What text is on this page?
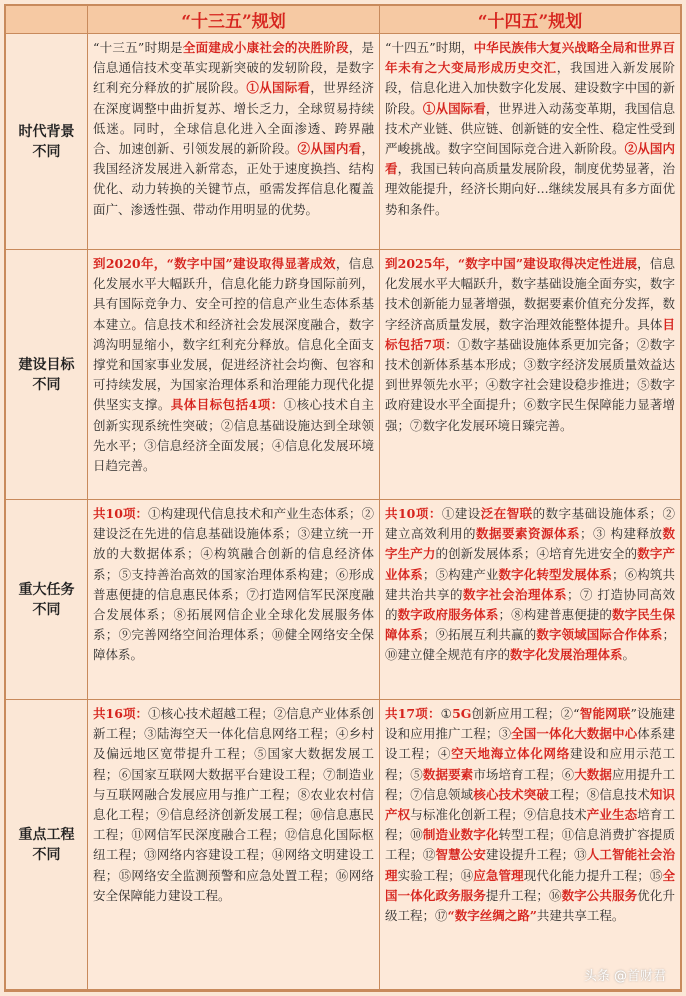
“十三五”规划	“十四五”规划
时代背景
不同
“十三五”时期是全面建成小康社会的决胜阶段，是信息通信技术变革实现新突破的发轫阶段，是数字红利充分释放的扩展阶段。①从国际看，世界经济在深度调整中曲折复苏、增长乏力，全球贸易持续低迷。同时，全球信息化进入全面渗透、跨界融合、加速创新、引领发展的新阶段。②从国内看，我国经济发展进入新常态，正处于速度换挡、结构优化、动力转换的关键节点，亟需发挥信息化覆盖面广、渗透性强、带动作用明显的优势。
“十四五”时期，中华民族伟大复兴战略全局和世界百年未有之大变局形成历史交汇，我国进入新发展阶段，信息化进入加快数字化发展、建设数字中国的新阶段。①从国际看，世界进入动荡变革期，我国信息技术产业链、供应链、创新链的安全性、稳定性受到严峻挑战。数字空间国际竞合进入新阶段。②从国内看，我国已转向高质量发展阶段，制度优势显著，治理效能提升，经济长期向好...继续发展具有多方面优势和条件。
建设目标
不同
到2020年，“数字中国”建设取得显著成效，信息化发展水平大幅跃升，信息化能力跻身国际前列，具有国际竞争力、安全可控的信息产业生态体系基本建立。信息技术和经济社会发展深度融合，数字鸿沟明显缩小，数字红利充分释放。信息化全面支撑党和国家事业发展，促进经济社会均衡、包容和可持续发展，为国家治理体系和治理能力现代化提供坚实支撑。具体目标包括4项：①核心技术自主创新实现系统性突破；②信息基础设施达到全球领先水平；③信息经济全面发展；④信息化发展环境日趋完善。
到2025年，“数字中国”建设取得决定性进展，信息化发展水平大幅跃升，数字基础设施全面夯实，数字技术创新能力显著增强，数据要素价值充分发挥，数字经济高质量发展，数字治理效能整体提升。具体目标包括7项：①数字基础设施体系更加完备；②数字技术创新体系基本形成；③数字经济发展质量效益达到世界领先水平；④数字社会建设稳步推进；⑤数字政府建设水平全面提升；⑥数字民生保障能力显著增强；⑦数字化发展环境日臻完善。
重大任务
不同
共10项：①构建现代信息技术和产业生态体系；②建设泛在先进的信息基础设施体系；③建立统一开放的大数据体系；④构筑融合创新的信息经济体系；⑤支持善治高效的国家治理体系构建；⑥形成普惠便捷的信息惠民体系；⑦打造网信军民深度融合发展体系；⑧拓展网信企业全球化发展服务体系；⑨完善网络空间治理体系；⑩健全网络安全保障体系。
共10项：①建设泛在智联的数字基础设施体系；②建立高效利用的数据要素资源体系；③ 构建释放数字生产力的创新发展体系；④培育先进安全的数字产业体系；⑤构建产业数字化转型发展体系；⑥构筑共建共治共享的数字社会治理体系；⑦ 打造协同高效的数字政府服务体系；⑧构建普惠便捷的数字民生保障体系；⑨拓展互利共赢的数字领域国际合作体系； ⑩建立健全规范有序的数字化发展治理体系。
重点工程
不同
共16项：①核心技术超越工程；②信息产业体系创新工程；③陆海空天一体化信息网络工程；④乡村及偏远地区宽带提升工程；⑤国家大数据发展工程；⑥国家互联网大数据平台建设工程；⑦制造业与互联网融合发展应用与推广工程；⑧农业农村信息化工程；⑨信息经济创新发展工程；⑩信息惠民工程；⑪网信军民深度融合工程；⑫信息化国际枢纽工程；⑬网络内容建设工程；⑭网络文明建设工程；⑮网络安全监测预警和应急处置工程；⑯网络安全保障能力建设工程。
共17项：①5G创新应用工程；②“智能网联”设施建设和应用推广工程；③全国一体化大数据中心体系建设工程；④空天地海立体化网络建设和应用示范工程；⑤数据要素市场培育工程；⑥大数据应用提升工程；⑦信息领域核心技术突破工程；⑧信息技术知识产权与标准化创新工程；⑨信息技术产业生态培育工程；⑩制造业数字化转型工程；⑪信息消费扩容提质工程；⑫智慧公安建设提升工程；⑬人工智能社会治理实验工程；⑭应急管理现代化能力提升工程；⑮全国一体化政务服务提升工程；⑯数字公共服务优化升级工程；⑰“数字丝绸之路”共建共享工程。
头条 @首财君
